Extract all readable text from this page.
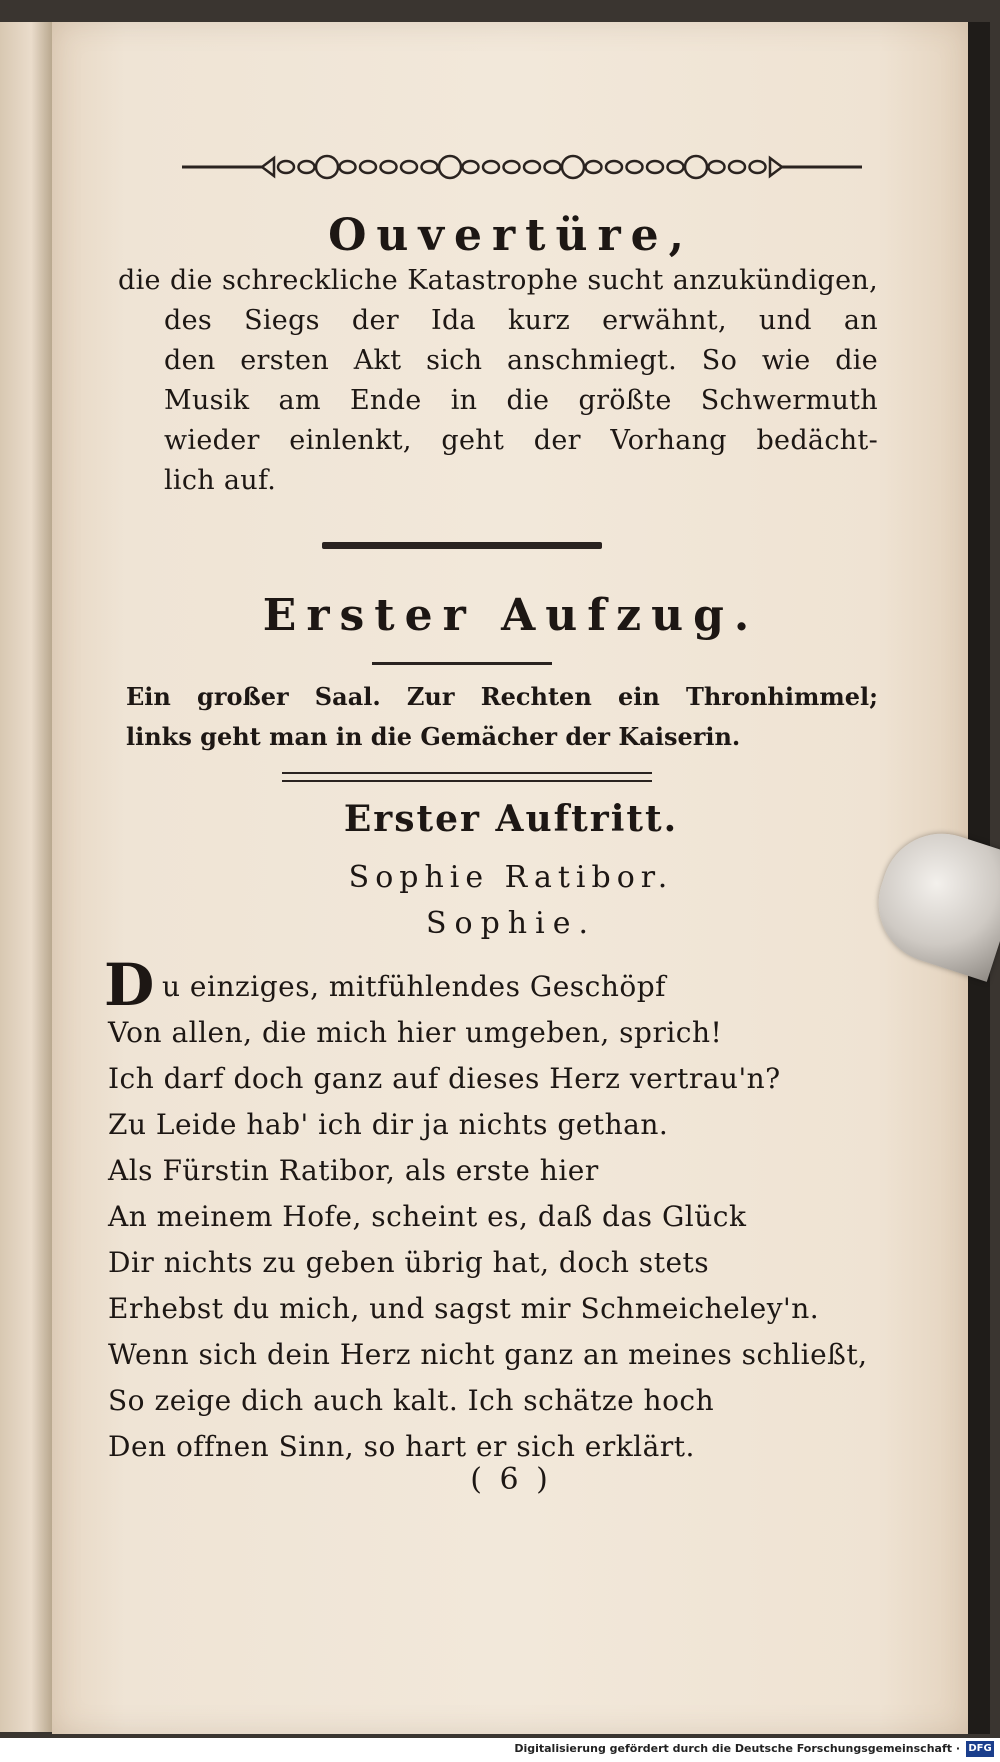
Ouvertüre,
die die schreckliche Katastrophe sucht anzukündigen,
des Siegs der Ida kurz erwähnt, und an
den ersten Akt sich anschmiegt. So wie die
Musik am Ende in die größte Schwermuth
wieder einlenkt, geht der Vorhang bedächt-
lich auf.
Erster Aufzug.
Ein großer Saal. Zur Rechten ein Thronhimmel;
links geht man in die Gemächer der Kaiserin.
Erster Auftritt.
Sophie Ratibor.
Sophie.
D u einziges, mitfühlendes Geschöpf
Von allen, die mich hier umgeben, sprich!
Ich darf doch ganz auf dieses Herz vertrau'n?
Zu Leide hab' ich dir ja nichts gethan.
Als Fürstin Ratibor, als erste hier
An meinem Hofe, scheint es, daß das Glück
Dir nichts zu geben übrig hat, doch stets
Erhebst du mich, und sagst mir Schmeicheley'n.
Wenn sich dein Herz nicht ganz an meines schließt,
So zeige dich auch kalt. Ich schätze hoch
Den offnen Sinn, so hart er sich erklärt.
( 6 )
Digitalisierung gefördert durch die Deutsche Forschungsgemeinschaft · DFG
